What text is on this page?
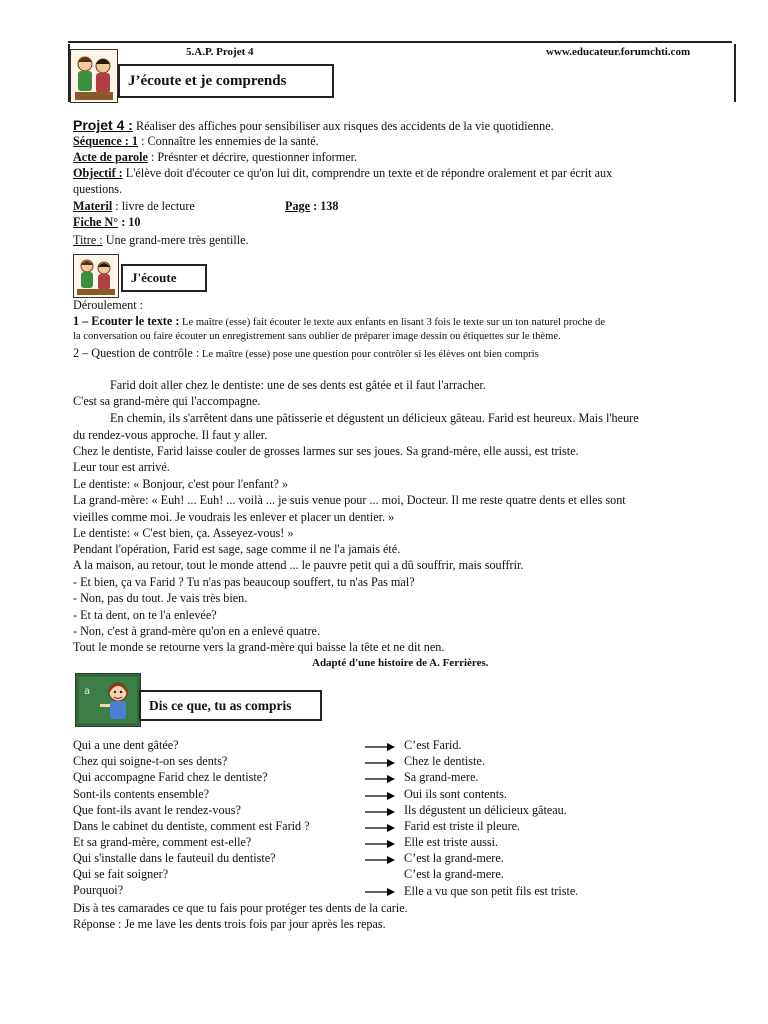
5.A.P. Projet 4	www.educateur.forumchti.com
J’écoute et je comprends
Projet 4 : Réaliser des affiches pour sensibiliser aux risques des accidents de la vie quotidienne.
Séquence : 1 : Connaître les ennemies de la santé.
Acte de parole : Présnter et décrire, questionner informer.
Objectif : L'élève doit d'écouter ce qu'on lui dit, comprendre un texte et de répondre oralement et par écrit aux
questions.
Materil : livre de lecture	Page : 138
Fiche N° : 10
Titre : Une grand-mere très gentille.
J'écoute
Déroulement :
1 – Ecouter le texte : Le maître (esse) fait écouter le texte aux enfants en lisant 3 fois le texte sur un ton naturel proche de
la conversation ou faire écouter un enregistrement sans oublier de préparer image dessin ou étiquettes sur le thème.
2 – Question de contrôle : Le maître (esse) pose une question pour contrôler si les élèves ont bien compris
Farid doit aller chez le dentiste: une de ses dents est gâtée et il faut l'arracher.
C'est sa grand-mère qui l'accompagne.
En chemin, ils s'arrêtent dans une pâtisserie et dégustent un délicieux gâteau. Farid est heureux. Mais l'heure
du rendez-vous approche. Il faut y aller.
Chez le dentiste, Farid laisse couler de grosses larmes sur ses joues. Sa grand-mère, elle aussi, est triste.
Leur tour est arrivé.
Le dentiste: « Bonjour, c'est pour l'enfant? »
La grand-mère: « Euh! ... Euh! ... voilà ... je suis venue pour ... moi, Docteur. Il me reste quatre dents et elles sont
vieilles comme moi. Je voudrais les enlever et placer un dentier. »
Le dentiste: « C'est bien, ça. Asseyez-vous! »
Pendant l'opération, Farid est sage, sage comme il ne l'a jamais été.
A la maison, au retour, tout le monde attend ... le pauvre petit qui a dû souffrir, mais souffrir.
- Et bien, ça va Farid ? Tu n'as pas beaucoup souffert, tu n'as Pas mal?
- Non, pas du tout. Je vais très bien.
- Et ta dent, on te l'a enlevée?
- Non, c'est à grand-mère qu'on en a enlevé quatre.
Tout le monde se retourne vers la grand-mère qui baisse la tête et ne dit nen.
Adapté d'une histoire de A. Ferrières.
a
Dis ce que, tu as compris
Qui a une dent gâtée?	C’est Farid.
Chez qui soigne-t-on ses dents?	Chez le dentiste.
Qui accompagne Farid chez le dentiste?	Sa grand-mere.
Sont-ils contents ensemble?	Oui ils sont contents.
Que font-ils avant le rendez-vous?	Ils dégustent un délicieux gâteau.
Dans le cabinet du dentiste, comment est Farid ?	Farid est triste il pleure.
Et sa grand-mère, comment est-elle?	Elle est triste aussi.
Qui s'installe dans le fauteuil du dentiste?	C’est la grand-mere.
Qui se fait soigner?	C’est la grand-mere.
Pourquoi?	Elle a vu que son petit fils est triste.
Dis à tes camarades ce que tu fais pour protéger tes dents de la carie.
Réponse : Je me lave les dents trois fois par jour après les repas.
